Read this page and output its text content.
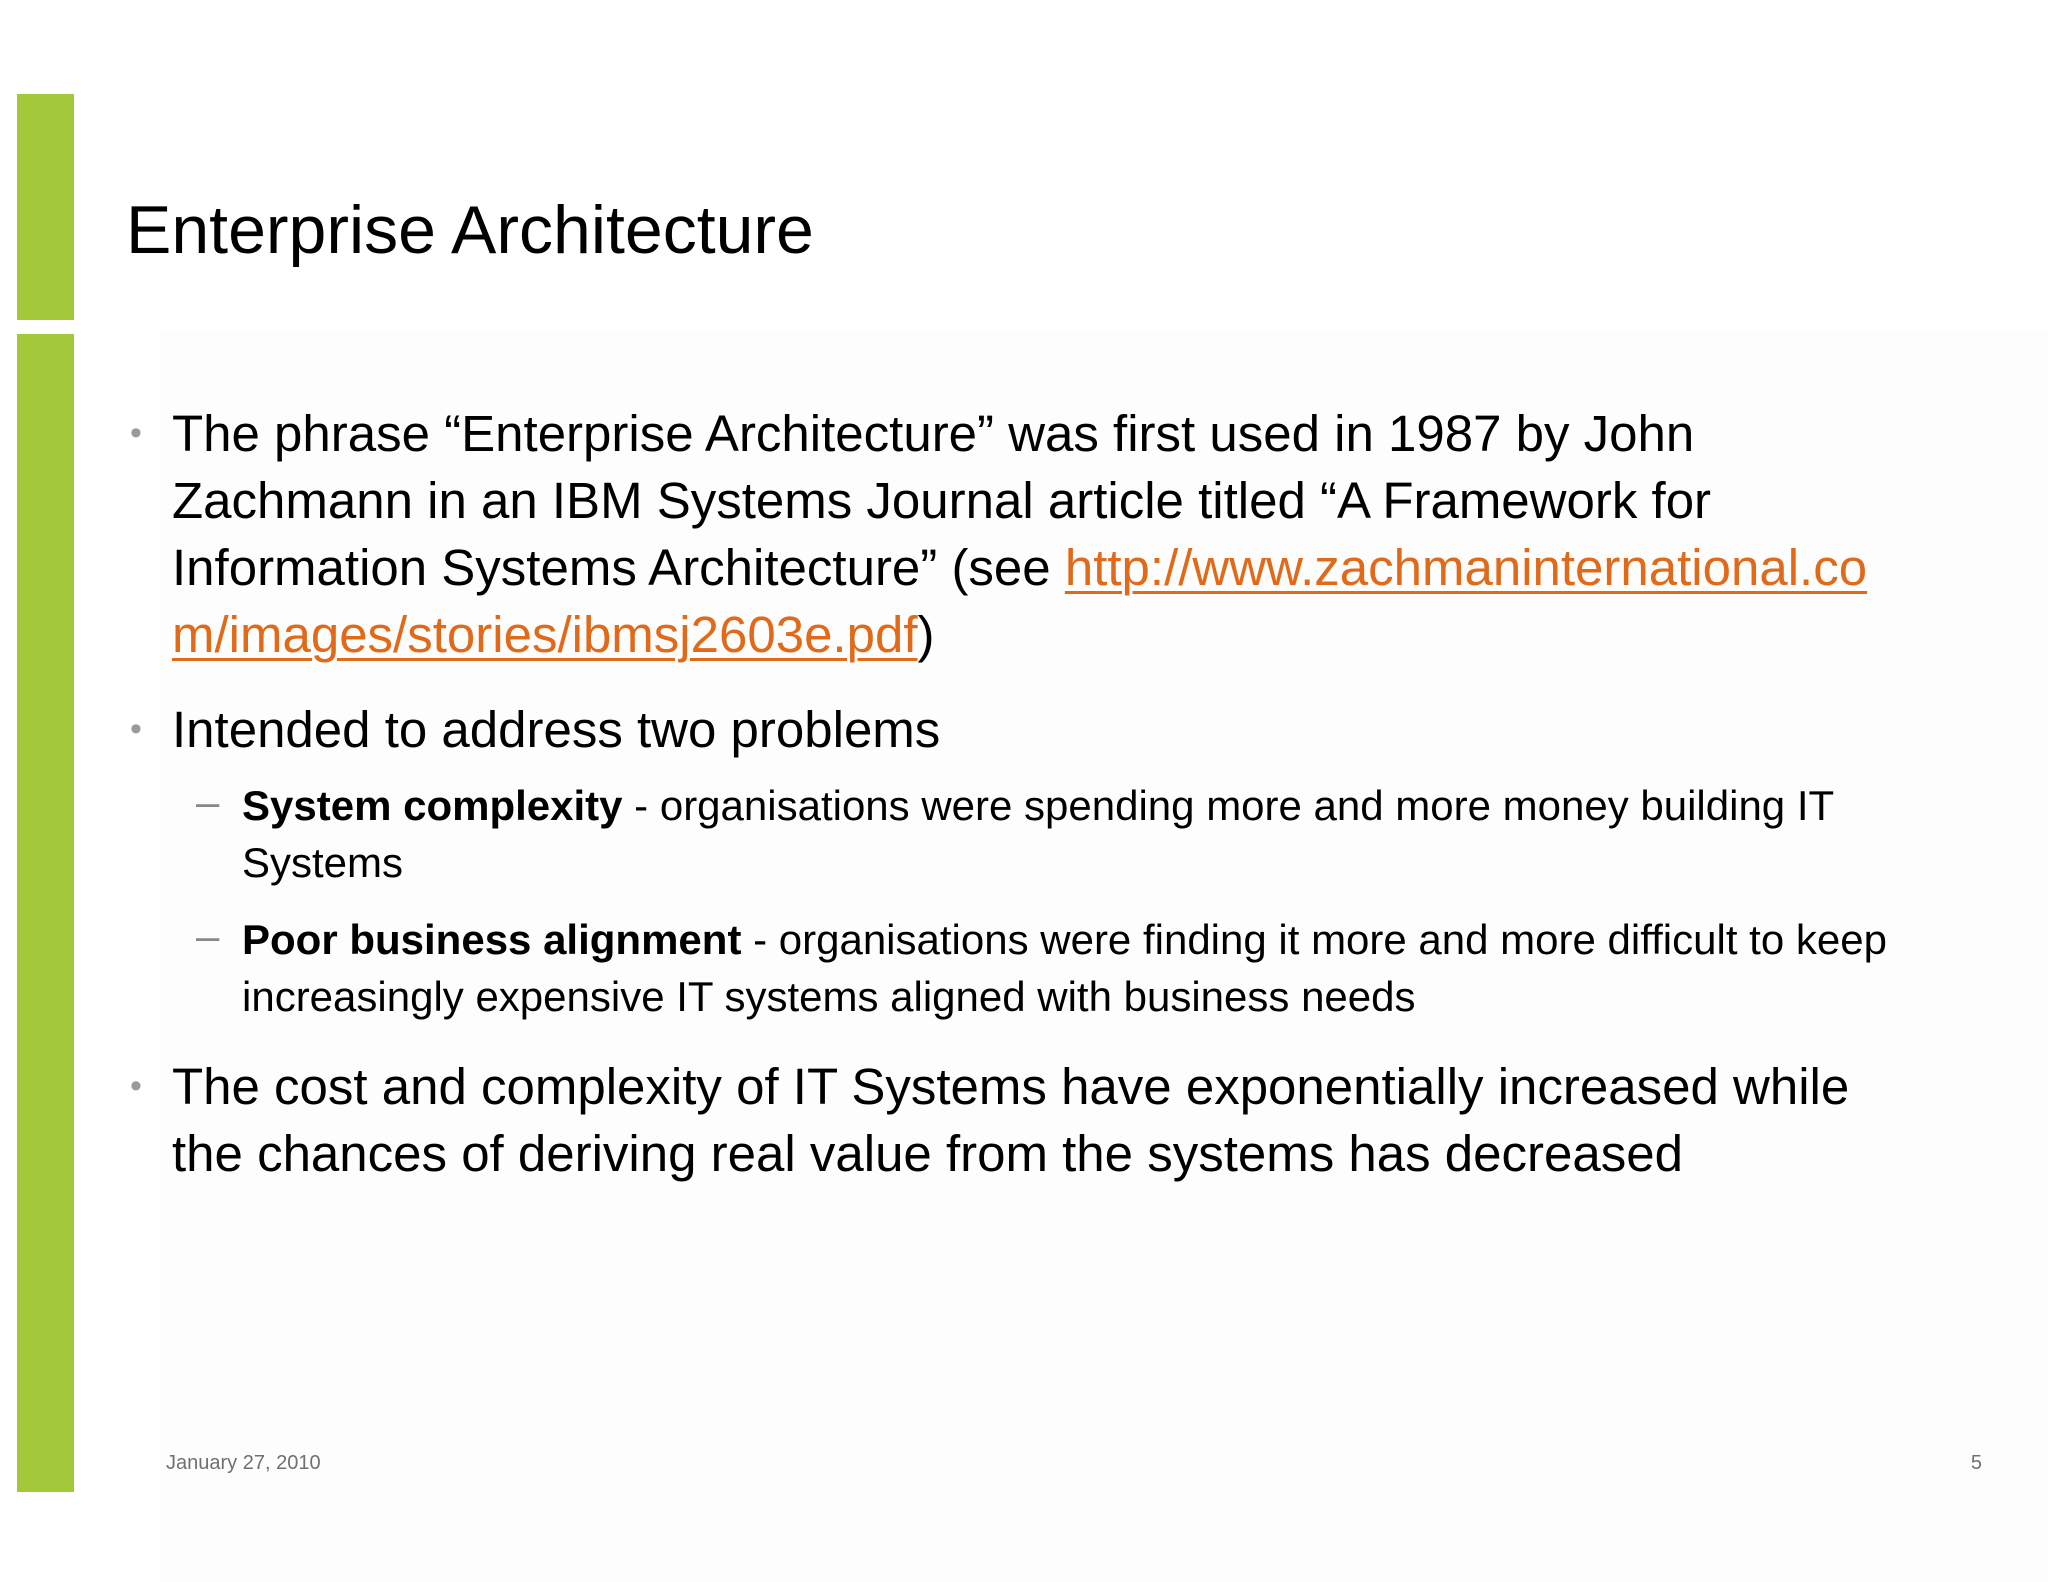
Enterprise Architecture
• The phrase “Enterprise Architecture” was first used in 1987 by John Zachmann in an IBM Systems Journal article titled “A Framework for Information Systems Architecture” (see http://www.zachmaninternational.com/images/stories/ibmsj2603e.pdf)
• Intended to address two problems
– System complexity - organisations were spending more and more money building IT Systems
– Poor business alignment - organisations were finding it more and more difficult to keep increasingly expensive IT systems aligned with business needs
• The cost and complexity of IT Systems have exponentially increased while the chances of deriving real value from the systems has decreased
January 27, 2010	5
